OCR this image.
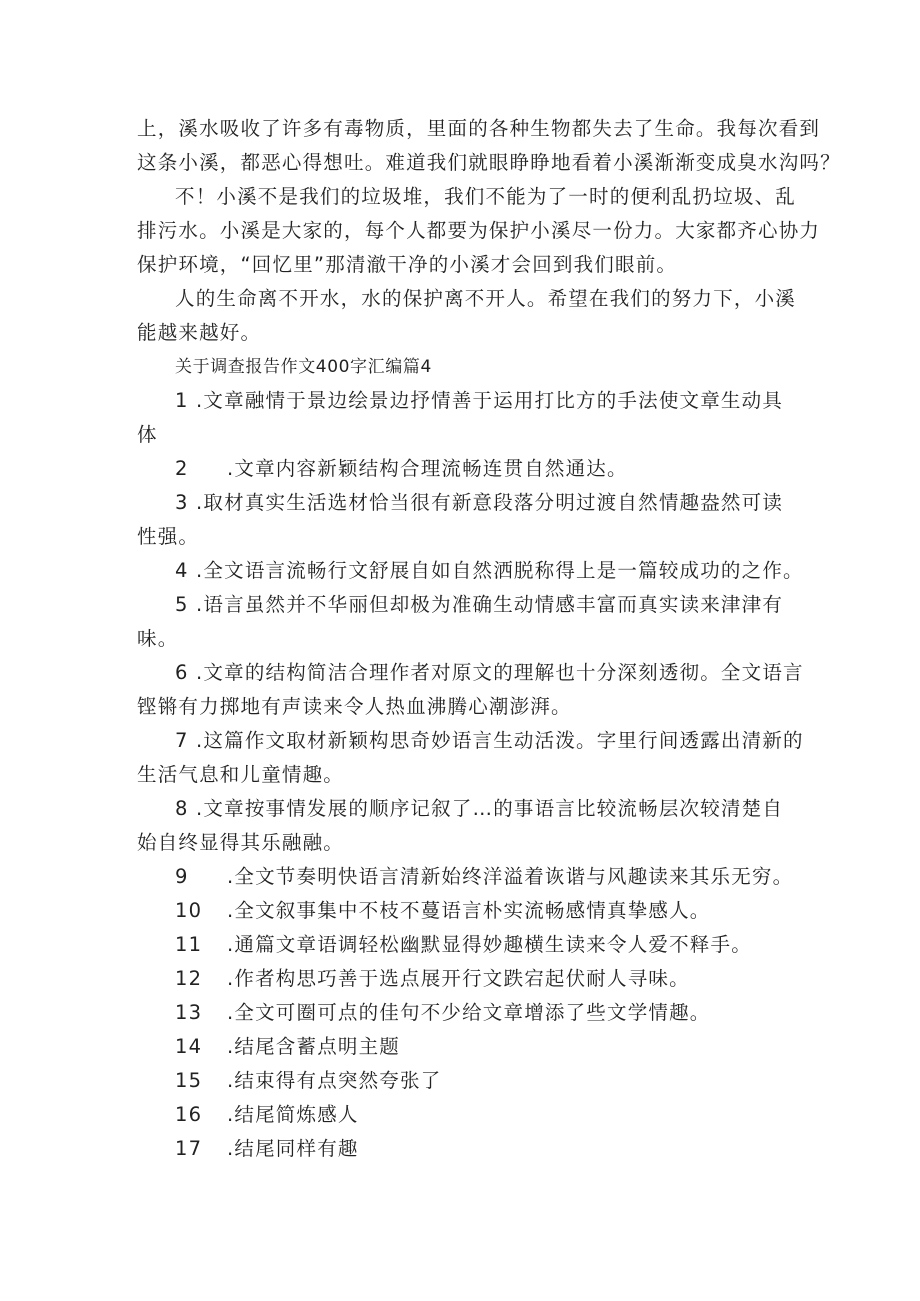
上，溪水吸收了许多有毒物质，里面的各种生物都失去了生命。我每次看到
这条小溪，都恶心得想吐。难道我们就眼睁睁地看着小溪渐渐变成臭水沟吗？
不！小溪不是我们的垃圾堆，我们不能为了一时的便利乱扔垃圾、乱
排污水。小溪是大家的，每个人都要为保护小溪尽一份力。大家都齐心协力
保护环境，“回忆里”那清澈干净的小溪才会回到我们眼前。
人的生命离不开水，水的保护离不开人。希望在我们的努力下，小溪
能越来越好。
关于调查报告作文400字汇编篇4
1 .文章融情于景边绘景边抒情善于运用打比方的手法使文章生动具
体
2 .文章内容新颖结构合理流畅连贯自然通达。
3 .取材真实生活选材恰当很有新意段落分明过渡自然情趣盎然可读
性强。
4 .全文语言流畅行文舒展自如自然洒脱称得上是一篇较成功的之作。
5 .语言虽然并不华丽但却极为准确生动情感丰富而真实读来津津有
味。
6 .文章的结构简洁合理作者对原文的理解也十分深刻透彻。全文语言
铿锵有力掷地有声读来令人热血沸腾心潮澎湃。
7 .这篇作文取材新颖构思奇妙语言生动活泼。字里行间透露出清新的
生活气息和儿童情趣。
8 .文章按事情发展的顺序记叙了…的事语言比较流畅层次较清楚自
始自终显得其乐融融。
9 .全文节奏明快语言清新始终洋溢着诙谐与风趣读来其乐无穷。
10 .全文叙事集中不枝不蔓语言朴实流畅感情真挚感人。
11 .通篇文章语调轻松幽默显得妙趣横生读来令人爱不释手。
12 .作者构思巧善于选点展开行文跌宕起伏耐人寻味。
13 .全文可圈可点的佳句不少给文章增添了些文学情趣。
14 .结尾含蓄点明主题
15 .结束得有点突然夸张了
16 .结尾简炼感人
17 .结尾同样有趣
